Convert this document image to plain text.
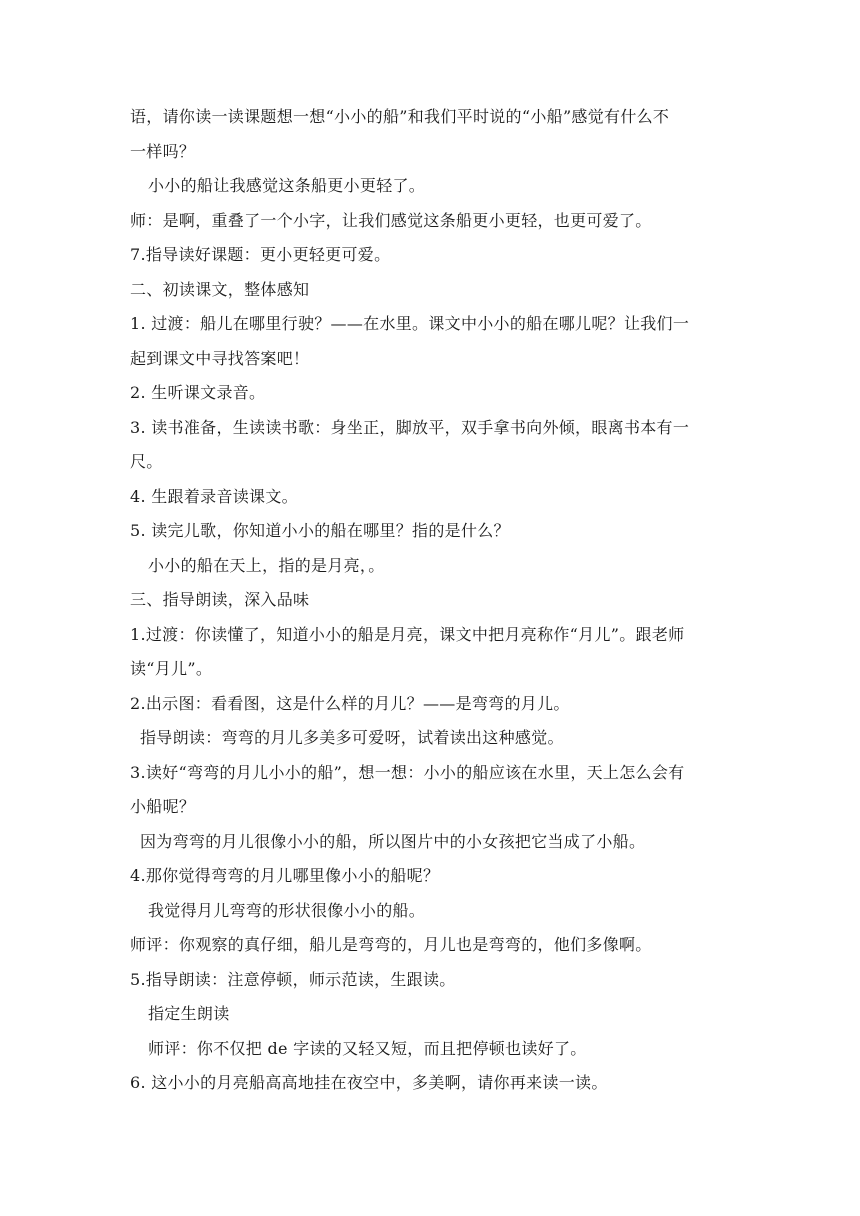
语，请你读一读课题想一想“小小的船”和我们平时说的“小船”感觉有什么不
一样吗？
小小的船让我感觉这条船更小更轻了。
师：是啊，重叠了一个小字，让我们感觉这条船更小更轻，也更可爱了。
7.指导读好课题：更小更轻更可爱。
二、初读课文，整体感知
1. 过渡：船儿在哪里行驶？——在水里。课文中小小的船在哪儿呢？让我们一
起到课文中寻找答案吧！
2. 生听课文录音。
3. 读书准备，生读读书歌：身坐正，脚放平，双手拿书向外倾，眼离书本有一
尺。
4. 生跟着录音读课文。
5. 读完儿歌，你知道小小的船在哪里？指的是什么？
小小的船在天上，指的是月亮，。
三、指导朗读，深入品味
1.过渡：你读懂了，知道小小的船是月亮，课文中把月亮称作“月儿”。跟老师
读“月儿”。
2.出示图：看看图，这是什么样的月儿？——是弯弯的月儿。
指导朗读：弯弯的月儿多美多可爱呀，试着读出这种感觉。
3.读好“弯弯的月儿小小的船”，想一想：小小的船应该在水里，天上怎么会有
小船呢？
因为弯弯的月儿很像小小的船，所以图片中的小女孩把它当成了小船。
4.那你觉得弯弯的月儿哪里像小小的船呢？
我觉得月儿弯弯的形状很像小小的船。
师评：你观察的真仔细，船儿是弯弯的，月儿也是弯弯的，他们多像啊。
5.指导朗读：注意停顿，师示范读，生跟读。
指定生朗读
师评：你不仅把 de 字读的又轻又短，而且把停顿也读好了。
6. 这小小的月亮船高高地挂在夜空中，多美啊，请你再来读一读。
